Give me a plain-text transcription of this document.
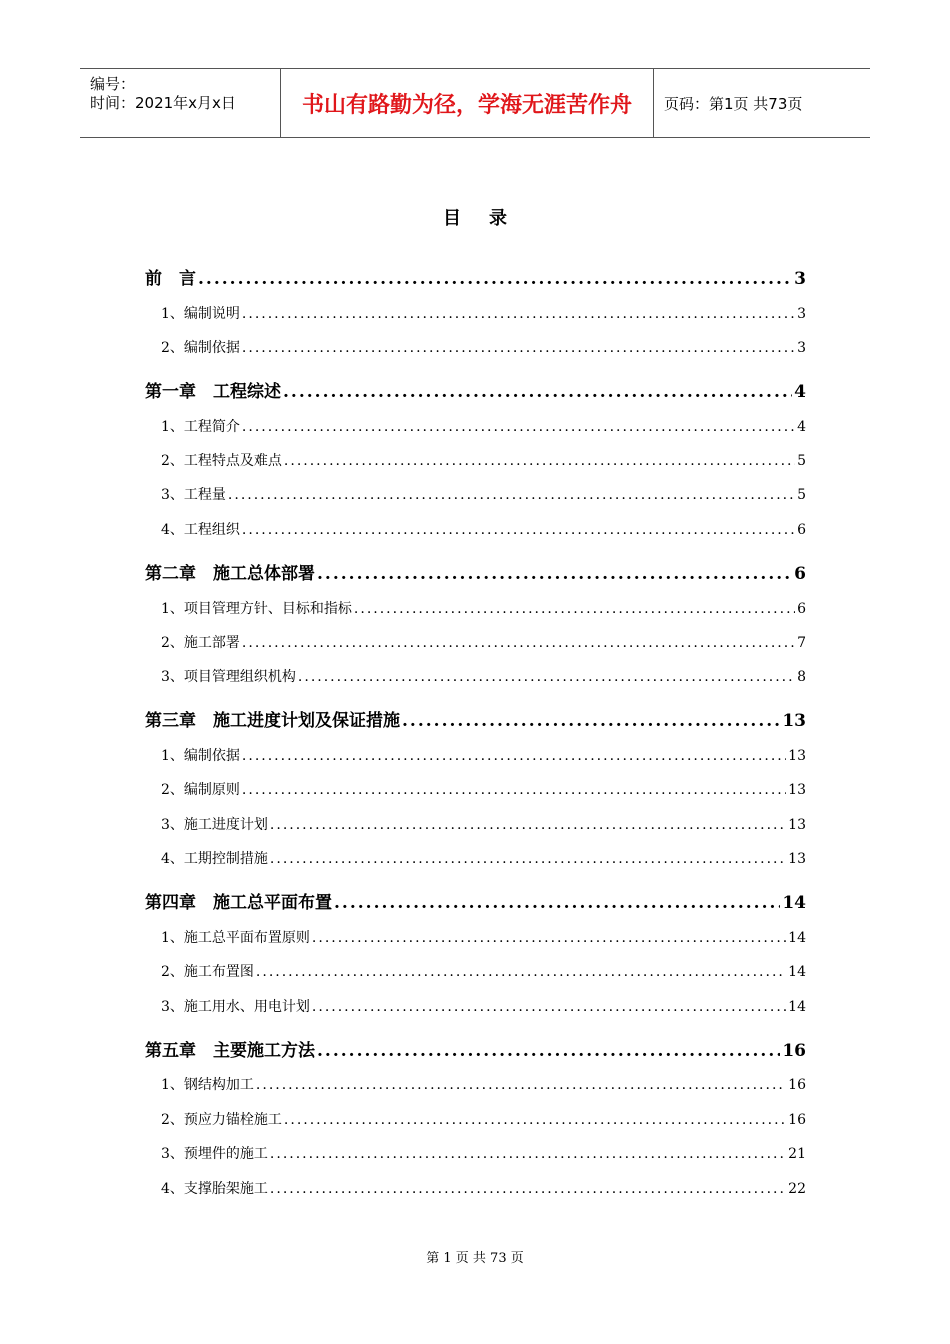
编号：
时间：2021年x月x日	书山有路勤为径，学海无涯苦作舟	页码：第1页 共73页
目录
前　言 .....	3
1、编制说明 .....	3
2、编制依据 .....	3
第一章　工程综述 .....	4
1、工程简介 .....	4
2、工程特点及难点 .....	5
3、工程量 .....	5
4、工程组织 .....	6
第二章　施工总体部署 .....	6
1、项目管理方针、目标和指标 .....	6
2、施工部署 .....	7
3、项目管理组织机构 .....	8
第三章　施工进度计划及保证措施 .....	13
1、编制依据 .....	13
2、编制原则 .....	13
3、施工进度计划 .....	13
4、工期控制措施 .....	13
第四章　施工总平面布置 .....	14
1、施工总平面布置原则 .....	14
2、施工布置图 .....	14
3、施工用水、用电计划 .....	14
第五章　主要施工方法 .....	16
1、钢结构加工 .....	16
2、预应力锚栓施工 .....	16
3、预埋件的施工 .....	21
4、支撑胎架施工 .....	22
第 1 页 共 73 页
